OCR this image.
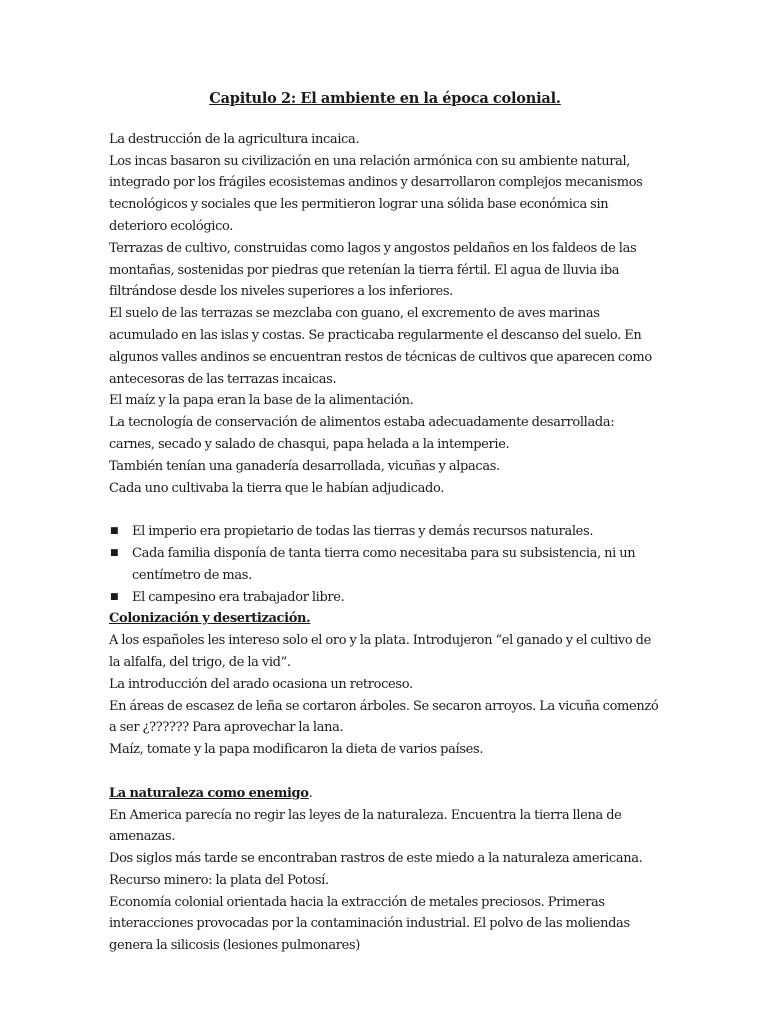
Capitulo 2: El ambiente en la época colonial.

La destrucción de la agricultura incaica.

Los incas basaron su civilización en una relación armónica con su ambiente natural, integrado por los frágiles ecosistemas andinos y desarrollaron complejos mecanismos tecnológicos y sociales que les permitieron lograr una sólida base económica sin deterioro ecológico.

Terrazas de cultivo, construidas como lagos y angostos peldaños en los faldeos de las montañas, sostenidas por piedras que retenían la tierra fértil. El agua de lluvia iba filtrándose desde los niveles superiores a los inferiores.

El suelo de las terrazas se mezclaba con guano, el excremento de aves marinas acumulado en las islas y costas. Se practicaba regularmente el descanso del suelo. En algunos valles andinos se encuentran restos de técnicas de cultivos que aparecen como antecesoras de las terrazas incaicas.

El maíz y la papa eran la base de la alimentación.

La tecnología de conservación de alimentos estaba adecuadamente desarrollada: carnes, secado y salado de chasqui, papa helada a la intemperie.

También tenían una ganadería desarrollada, vicuñas y alpacas.

Cada uno cultivaba la tierra que le habían adjudicado.

■ El imperio era propietario de todas las tierras y demás recursos naturales.
■ Cada familia disponía de tanta tierra como necesitaba para su subsistencia, ni un centímetro de mas.
■ El campesino era trabajador libre.

Colonización y desertización.

A los españoles les intereso solo el oro y la plata. Introdujeron “el ganado y el cultivo de la alfalfa, del trigo, de la vid”.

La introducción del arado ocasiona un retroceso.

En áreas de escasez de leña se cortaron árboles. Se secaron arroyos. La vicuña comenzó a ser ¿?????? Para aprovechar la lana.

Maíz, tomate y la papa modificaron la dieta de varios países.

La naturaleza como enemigo.

En America parecía no regir las leyes de la naturaleza. Encuentra la tierra llena de amenazas.

Dos siglos más tarde se encontraban rastros de este miedo a la naturaleza americana.

Recurso minero: la plata del Potosí.

Economía colonial orientada hacia la extracción de metales preciosos. Primeras interacciones provocadas por la contaminación industrial. El polvo de las moliendas genera la silicosis (lesiones pulmonares)
